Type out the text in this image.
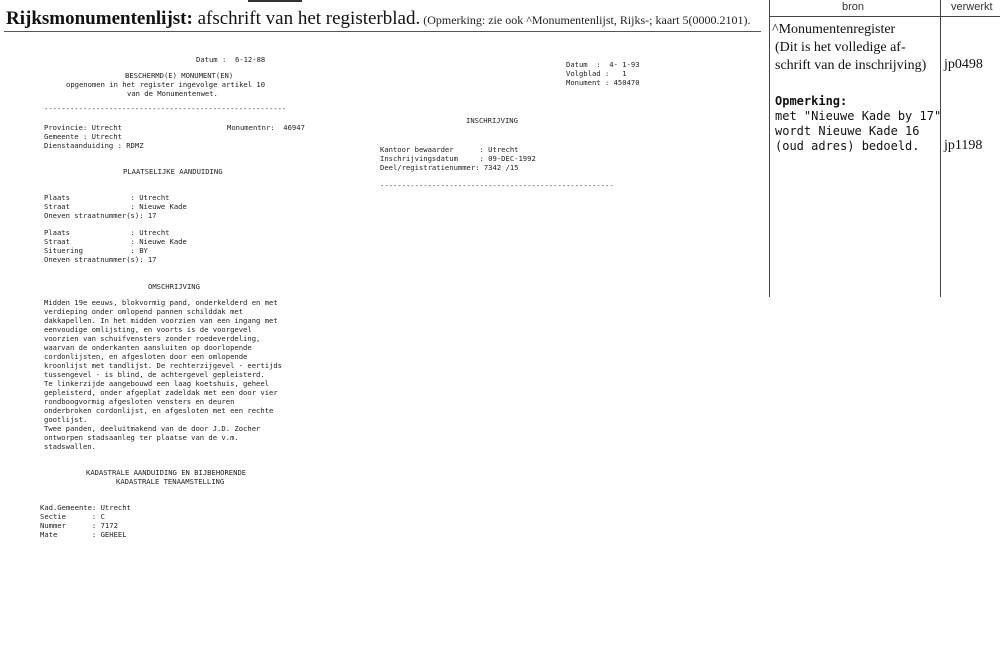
Rijksmonumentenlijst: afschrift van het registerblad. (Opmerking: zie ook ^Monumentenlijst, Rijks-; kaart 5(0000.2101).
bron	verwerkt
^Monumentenregister
(Dit is het volledige af-
schrift van de inschrijving) jp0498
Opmerking:
met "Nieuwe Kade by 17"
wordt Nieuwe Kade 16
(oud adres) bedoeld. jp1198
Datum :  6-12-88
BESCHERMD(E) MONUMENT(EN)
opgenomen in het register ingevolge artikel 10
van de Monumentenwet.
--------------------------------------------------------
Provincie: Utrecht	Monumentnr:  46947
Gemeente : Utrecht
Dienstaanduiding : RDMZ
PLAATSELIJKE AANDUIDING
Plaats              : Utrecht
Straat              : Nieuwe Kade
Oneven straatnummer(s): 17
Plaats              : Utrecht
Straat              : Nieuwe Kade
Situering           : BY
Oneven straatnummer(s): 17
OMSCHRIJVING
Midden 19e eeuws, blokvormig pand, onderkelderd en met
verdieping onder omlopend pannen schilddak met
dakkapellen. In het midden voorzien van een ingang met
eenvoudige omlijsting, en voorts is de voorgevel
voorzien van schuifvensters zonder roedeverdeling,
waarvan de onderkanten aansluiten op doorlopende
cordonlijsten, en afgesloten door een omlopende
kroonlijst met tandlijst. De rechterzijgevel - eertijds
tussengevel - is blind, de achtergevel gepleisterd.
Te linkerzijde aangebouwd een laag koetshuis, geheel
gepleisterd, onder afgeplat zadeldak met een door vier
rondboogvormig afgesloten vensters en deuren
onderbroken cordonlijst, en afgesloten met een rechte
gootlijst.
Twee panden, deeluitmakend van de door J.D. Zocher
ontworpen stadsaanleg ter plaatse van de v.m.
stadswallen.
KADASTRALE AANDUIDING EN BIJBEHORENDE
KADASTRALE TENAAMSTELLING
Kad.Gemeente: Utrecht
Sectie      : C
Nummer      : 7172
Mate        : GEHEEL
Datum  :  4- 1-93
Volgblad :   1
Monument : 450470
INSCHRIJVING
Kantoor bewaarder      : Utrecht
Inschrijvingsdatum     : 09-DEC-1992
Deel/registratienummer: 7342 /15
------------------------------------------------------
